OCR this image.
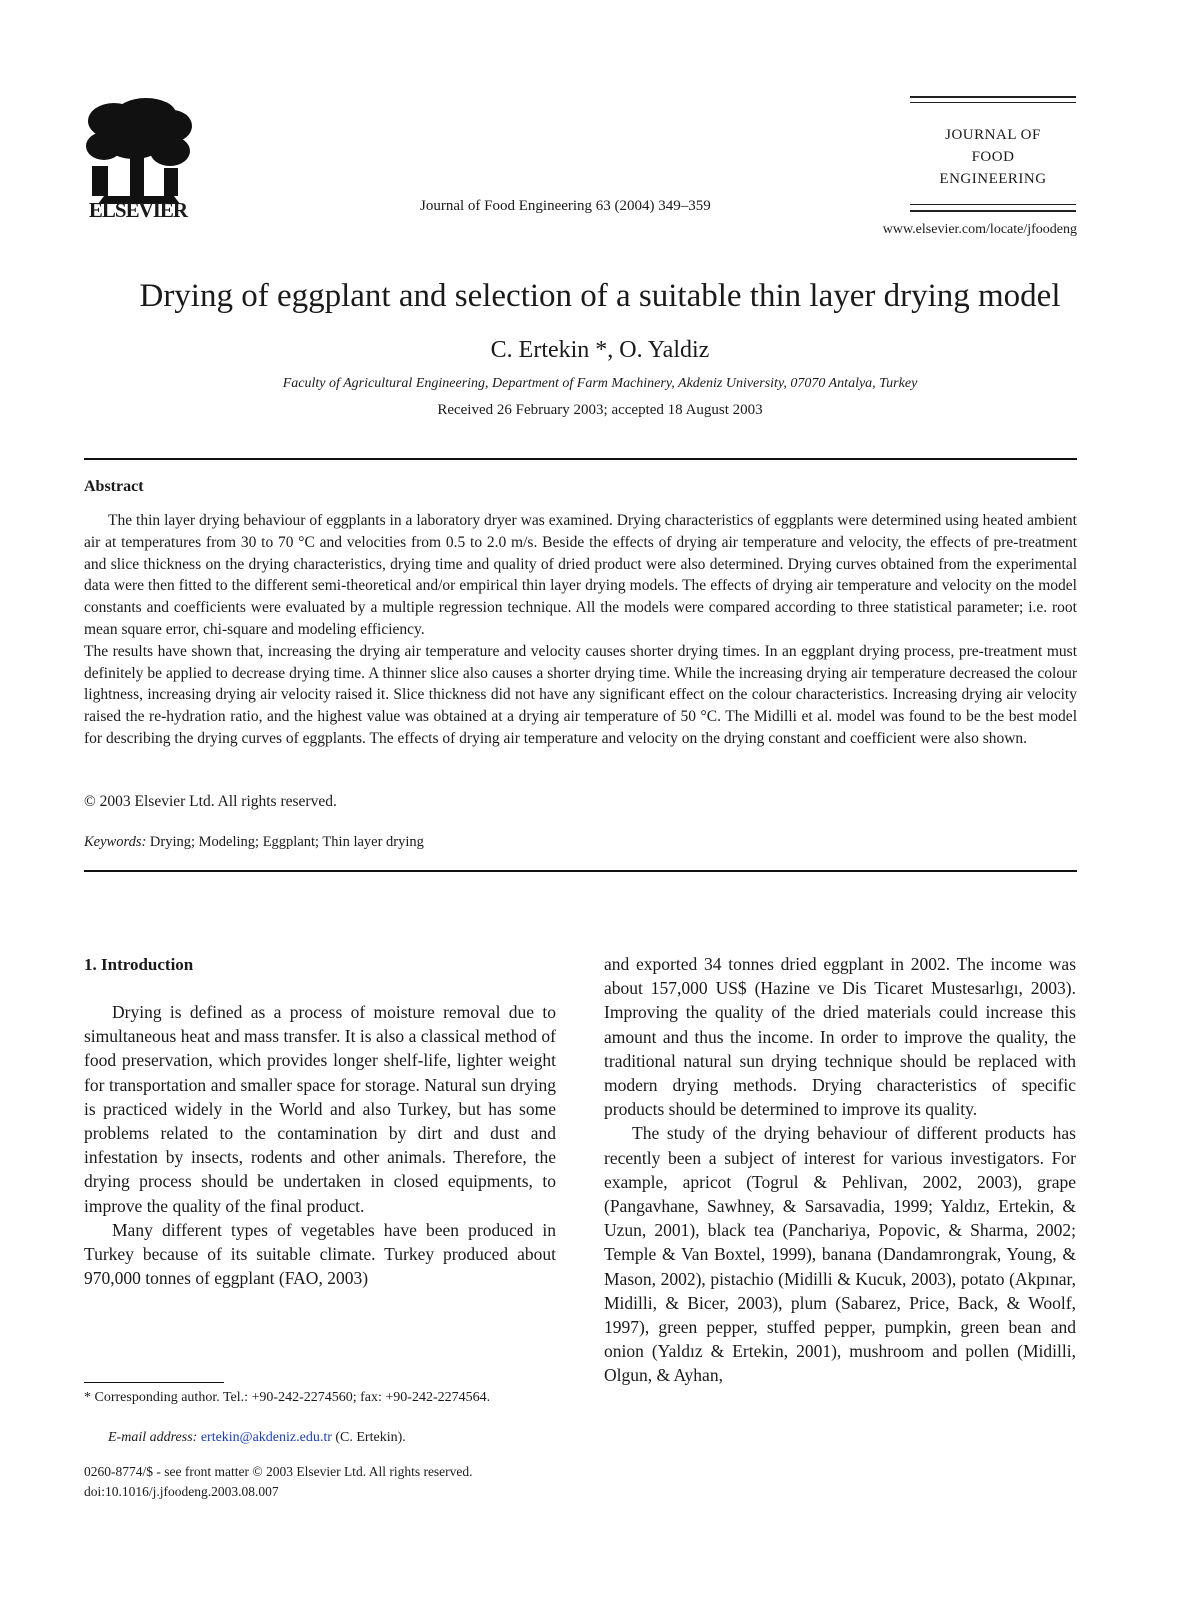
ELSEVIER	Journal of Food Engineering 63 (2004) 349–359
JOURNAL OF
FOOD
ENGINEERING
www.elsevier.com/locate/jfoodeng
Drying of eggplant and selection of a suitable thin layer drying model
C. Ertekin *, O. Yaldiz
Faculty of Agricultural Engineering, Department of Farm Machinery, Akdeniz University, 07070 Antalya, Turkey
Received 26 February 2003; accepted 18 August 2003
Abstract

The thin layer drying behaviour of eggplants in a laboratory dryer was examined. Drying characteristics of eggplants were determined using heated ambient air at temperatures from 30 to 70 °C and velocities from 0.5 to 2.0 m/s. Beside the effects of drying air temperature and velocity, the effects of pre-treatment and slice thickness on the drying characteristics, drying time and quality of dried product were also determined. Drying curves obtained from the experimental data were then fitted to the different semi-theoretical and/or empirical thin layer drying models. The effects of drying air temperature and velocity on the model constants and coefficients were evaluated by a multiple regression technique. All the models were compared according to three statistical parameter; i.e. root mean square error, chi-square and modeling efficiency.

The results have shown that, increasing the drying air temperature and velocity causes shorter drying times. In an eggplant drying process, pre-treatment must definitely be applied to decrease drying time. A thinner slice also causes a shorter drying time. While the increasing drying air temperature decreased the colour lightness, increasing drying air velocity raised it. Slice thickness did not have any significant effect on the colour characteristics. Increasing drying air velocity raised the re-hydration ratio, and the highest value was obtained at a drying air temperature of 50 °C. The Midilli et al. model was found to be the best model for describing the drying curves of eggplants. The effects of drying air temperature and velocity on the drying constant and coefficient were also shown.

© 2003 Elsevier Ltd. All rights reserved.
Keywords: Drying; Modeling; Eggplant; Thin layer drying
1. Introduction

Drying is defined as a process of moisture removal due to simultaneous heat and mass transfer. It is also a classical method of food preservation, which provides longer shelf-life, lighter weight for transportation and smaller space for storage. Natural sun drying is practiced widely in the World and also Turkey, but has some problems related to the contamination by dirt and dust and infestation by insects, rodents and other animals. Therefore, the drying process should be undertaken in closed equipments, to improve the quality of the final product.

Many different types of vegetables have been produced in Turkey because of its suitable climate. Turkey produced about 970,000 tonnes of eggplant (FAO, 2003)

and exported 34 tonnes dried eggplant in 2002. The income was about 157,000 US$ (Hazine ve Dis Ticaret Mustesarlıgı, 2003). Improving the quality of the dried materials could increase this amount and thus the income. In order to improve the quality, the traditional natural sun drying technique should be replaced with modern drying methods. Drying characteristics of specific products should be determined to improve its quality.

The study of the drying behaviour of different products has recently been a subject of interest for various investigators. For example, apricot (Togrul & Pehlivan, 2002, 2003), grape (Pangavhane, Sawhney, & Sarsavadia, 1999; Yaldız, Ertekin, & Uzun, 2001), black tea (Panchariya, Popovic, & Sharma, 2002; Temple & Van Boxtel, 1999), banana (Dandamrongrak, Young, & Mason, 2002), pistachio (Midilli & Kucuk, 2003), potato (Akpınar, Midilli, & Bicer, 2003), plum (Sabarez, Price, Back, & Woolf, 1997), green pepper, stuffed pepper, pumpkin, green bean and onion (Yaldız & Ertekin, 2001), mushroom and pollen (Midilli, Olgun, & Ayhan,

* Corresponding author. Tel.: +90-242-2274560; fax: +90-242-2274564.
E-mail address: ertekin@akdeniz.edu.tr (C. Ertekin).
0260-8774/$ - see front matter © 2003 Elsevier Ltd. All rights reserved.
doi:10.1016/j.jfoodeng.2003.08.007
